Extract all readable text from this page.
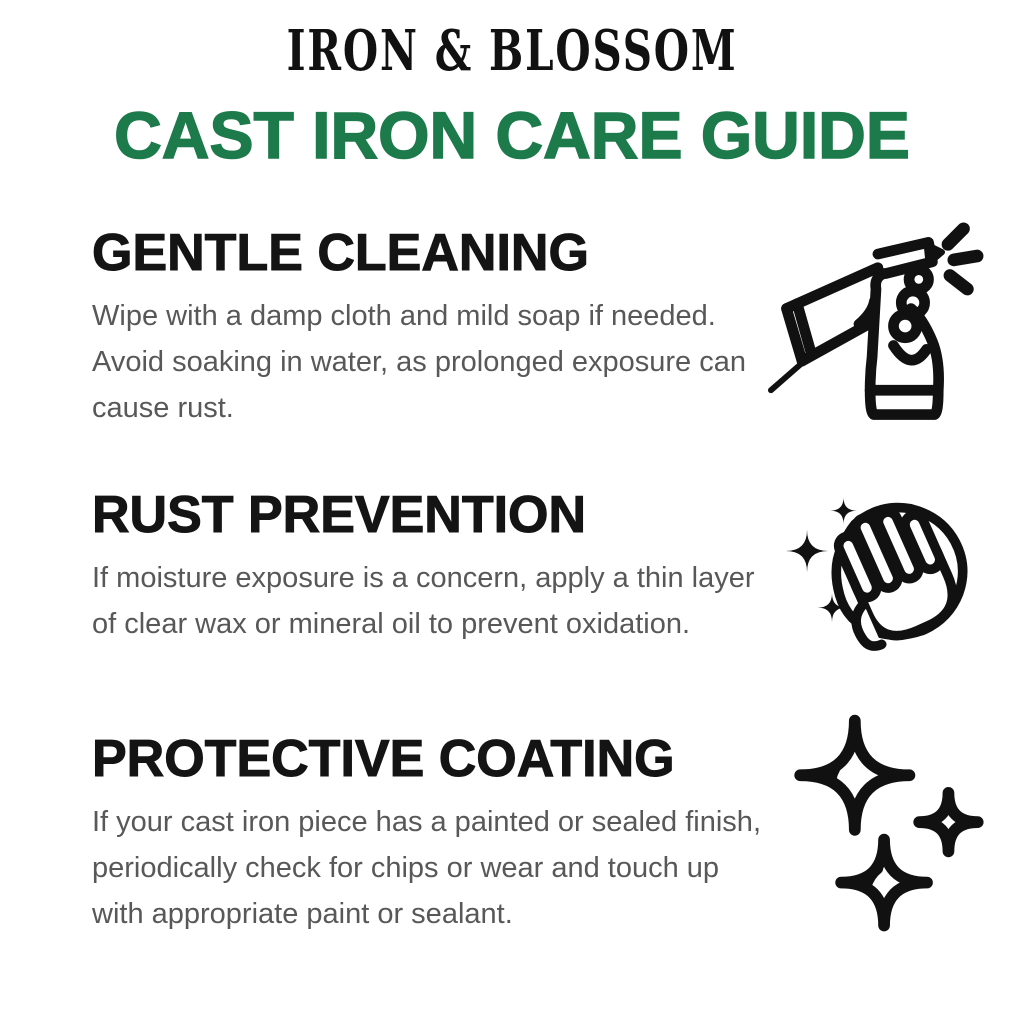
IRON & BLOSSOM
CAST IRON CARE GUIDE
GENTLE CLEANING

Wipe with a damp cloth and mild soap if needed. Avoid soaking in water, as prolonged exposure can cause rust.

RUST PREVENTION

If moisture exposure is a concern, apply a thin layer of clear wax or mineral oil to prevent oxidation.

PROTECTIVE COATING

If your cast iron piece has a painted or sealed finish, periodically check for chips or wear and touch up with appropriate paint or sealant.
